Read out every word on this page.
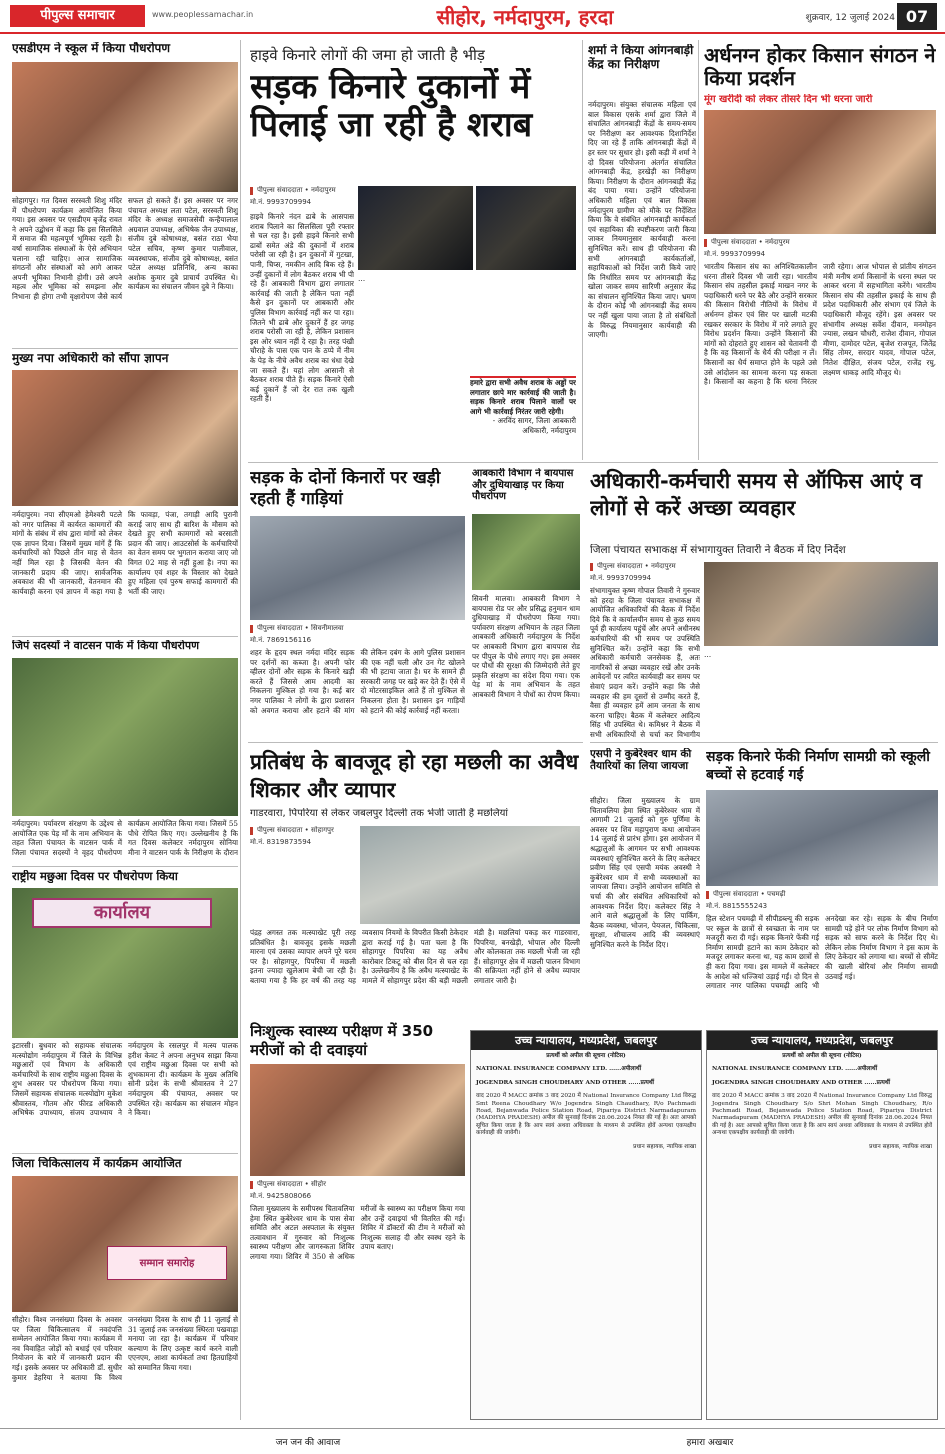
पीपुल्स समाचार	www.peoplessamachar.in	सीहोर, नर्मदापुरम, हरदा	शुक्रवार, 12 जुलाई 2024 07
एसडीएम ने स्कूल में किया पौधरोपण
सोहागपुर। गत दिवस सरस्वती शिशु मंदिर में पौधरोपण कार्यक्रम आयोजित किया गया। इस अवसर पर एसडीएम बृजेंद्र रावत ने अपने उद्बोधन में कहा कि इस सिलसिले में समाज की महत्वपूर्ण भूमिका रहती है। वर्षा सामाजिक संस्थाओं के ऐसे अभियान चलाना रही चाहिए। आज सामाजिक संगठनों और संस्थाओं को आगे आकर अपनी भूमिका निभानी होगी। उसे अपने महत्व और भूमिका को समझना और निभाना ही होगा तभी वृक्षारोपण जैसे कार्य सफल हो सकते हैं। इस अवसर पर नगर पंचायत अध्यक्ष लता पटेल, सरस्वती शिशु मंदिर के अध्यक्ष समाजसेवी कन्हैयालाल अग्रवाल उपाध्यक्ष, अभिषेक जैन उपाध्यक्ष, संजीव दुबे कोषाध्यक्ष, बसंत राठा भैया पटेल सचिव, कृष्ण कुमार पालीवाल, व्यवस्थापक, संजीव दुबे कोषाध्यक्ष, बसंत पटेल अध्यक्ष प्रतिनिधि, अन्य काका अशोक कुमार दुबे प्राचार्य उपस्थित थे। कार्यक्रम का संचालन जीवन दुबे ने किया।
मुख्य नपा अधिकारी को सौंपा ज्ञापन
नर्मदापुरम। नपा सीएमओ हेमेश्वरी पटले को नगर पालिका में कार्यरत कामगारों की मांगों के संबंध में संघ द्वारा मांगों को लेकर एक ज्ञापन दिया। जिसमें मुख्य मांगें हैं कि कर्मचारियों को पिछले तीन माह से वेतन नहीं मिल रहा है जिसकी वेतन की जानकारी प्रदाय की जाए। सार्वजनिक अवकाश की भी जानकारी, वेतनमान की कार्यवाही करना एवं ज्ञापन में कहा गया है कि फावड़ा, पंजा, तगाड़ी आदि पुरानी कराई जाए साथ ही बारिश के मौसम को देखते हुए सभी कामगारों को बरसाती प्रदान की जाए। आउटसोर्स के कर्मचारियों का वेतन समय पर भुगतान कराया जाए जो विगत 02 माह से नहीं हुआ है। नपा का कार्यालय एवं शहर के विस्तार को देखते हुए महिला एवं पुरुष सफाई कामगारों की भर्ती की जाए।
जिपं सदस्यों ने वाटसन पार्क में किया पौधरोपण
नर्मदापुरम। पर्यावरण संरक्षण के उद्देश्य से आयोजित एक पेड़ माँ के नाम अभियान के तहत जिला पंचायत के वाटसन पार्क में जिला पंचायत सदस्यों ने वृहद पौधरोपण कार्यक्रम आयोजित किया गया। जिसमें 55 पौधे रोपित किए गए। उल्लेखनीय है कि गत दिवस कलेक्टर नर्मदापुरम सोनिया मीना ने वाटसन पार्क के निरीक्षण के दौरान
राष्ट्रीय मछुआ दिवस पर पौधरोपण किया
कार्यालय
इटारसी। बुधवार को सहायक संचालक मत्स्योद्योग नर्मदापुरम में जिले के विभिन्न मछुआरों एवं विभाग के अधिकारी कर्मचारियों के साथ राष्ट्रीय मछुआ दिवस के शुभ अवसर पर पौधरोपण किया गया। जिसमें सहायक संचालक मत्स्योद्योग मुकेश श्रीवास्तव, गौतम और फीरड अधिकारी अभिषेक उपाध्याय, संजय उपाध्याय ने नर्मदापुरम के रसलपुर में मत्स्य पालक हरीश केवट ने अपना अनुभव साझा किया एवं राष्ट्रीय मछुआ दिवस पर सभी को शुभकामना दी। कार्यक्रम के मुख्य अतिथि सोनी प्रदेश के सभी श्रीवास्तव ने 27 नर्मदापुरम की पंचायत, अवसर पर उपस्थित रहे। कार्यक्रम का संचालन मोहन ने किया।
जिला चिकित्सालय में कार्यक्रम आयोजित
सम्मान समारोह
सीहोर। विश्व जनसंख्या दिवस के अवसर पर जिला चिकित्सालय में नवदंपत्ति सम्मेलन आयोजित किया गया। कार्यक्रम में नव विवाहित जोड़ों को बधाई एवं परिवार नियोजन के बारे में जानकारी प्रदान की गई। इसके अवसर पर अधिकारी डॉ. सुधीर कुमार डेहरिया ने बताया कि विश्व जनसंख्या दिवस के साथ ही 11 जुलाई से 31 जुलाई तक जनसंख्या स्थिरता पखवाड़ा मनाया जा रहा है। कार्यक्रम में परिवार कल्याण के लिए उत्कृष्ट कार्य करने वाली एएनएम, आशा कार्यकर्ता तथा हितग्राहियों को सम्मानित किया गया।
हाइवे किनारे लोगों की जमा हो जाती है भीड़
सड़क किनारे दुकानों में पिलाई जा रही है शराब
पीपुल्स संवाददाता • नर्मदापुरम
मो.नं. 9993709994
हाइवे किनारे नंदन ढाबे के आसपास शराब पिलाने का सिलसिला पूरी रफ्तार से चल रहा है। इसी हाइवे किनारे सभी ढाबों समेत अंडे की दुकानों में शराब परोसी जा रही है। इन दुकानों में गुटखा, पानी, चिप्स, नमकीन आदि बिक रहे हैं। उन्हीं दुकानों में लोग बैठकर शराब भी पी रहे हैं। आबकारी विभाग द्वारा लगातार कार्रवाई की जाती है लेकिन पता नहीं कैसे इन दुकानों पर आबकारी और पुलिस विभाग कार्रवाई नहीं कर पा रहा। जितने भी ढाबे और दुकानें हैं हर जगह शराब परोसी जा रही है, लेकिन प्रशासन इस ओर ध्यान नहीं दे रहा है। तरह पंखी चौराहे के पास एक पान के ठप्पे में नीम के पेड़ के नीचे अवैध शराब का धंधा देखे जा सकते हैं। यहां लोग आसानी से बैठकर शराब पीते हैं। सड़क किनारे ऐसी कई दुकानें हैं जो देर रात तक खुली रहती हैं।
…
हमारे द्वारा सभी अवैध शराब के अड्डों पर लगातार छापे मार कार्रवाई की जाती है। सड़क किनारे शराब पिलाने वालों पर आगे भी कार्रवाई निरंतर जारी रहेगी।
- अरविंद सागर, जिला आबकारी अधिकारी, नर्मदापुरम
शर्मा ने किया आंगनबाड़ी केंद्र का निरीक्षण
नर्मदापुरम। संयुक्त संचालक महिला एवं बाल विकास एसके शर्मा द्वारा जिले में संचालित आंगनबाड़ी केंद्रों के समय-समय पर निरीक्षण कर आवश्यक दिशानिर्देश दिए जा रहे हैं ताकि आंगनबाड़ी केंद्रों में हर स्तर पर सुधार हो। इसी कड़ी में शर्मा ने दो दिवस परियोजना अंतर्गत संचालित आंगनबाड़ी केंद्र, हरखेड़ी का निरीक्षण किया। निरीक्षण के दौरान आंगनबाड़ी केंद्र बंद पाया गया। उन्होंने परियोजना अधिकारी महिला एवं बाल विकास नर्मदापुरम ग्रामीण को मौके पर निर्देशित किया कि वे संबंधित आंगनबाड़ी कार्यकर्ता एवं सहायिका की स्पष्टीकरण जारी किया जाकर नियमानुसार कार्यवाही करना सुनिश्चित करें। साथ ही परियोजना की सभी आंगनबाड़ी कार्यकर्ताओं, सहायिकाओं को निर्देश जारी किये जाएं कि निर्धारित समय पर आंगनबाड़ी केंद्र खोला जाकर समय सारिणी अनुसार केंद्र का संचालन सुनिश्चित किया जाए। भ्रमण के दौरान कोई भी आंगनबाड़ी केंद्र समय पर नहीं खुला पाया जाता है तो संबंधितों के विरुद्ध नियमानुसार कार्यवाही की जाएगी।
अर्धनग्न होकर किसान संगठन ने किया प्रदर्शन
मूंग खरीदी को लेकर तीसरे दिन भी धरना जारी
पीपुल्स संवाददाता • नर्मदापुरम
मो.नं. 9993709994
भारतीय किसान संघ का अनिश्चितकालीन धरना तीसरे दिवस भी जारी रहा। भारतीय किसान संघ तहसील इकाई माखन नगर के पदाधिकारी धरने पर बैठे और उन्होंने सरकार की किसान विरोधी नीतियों के विरोध में अर्धनग्न होकर एवं सिर पर खाली मटकी रखकर सरकार के विरोध में नारे लगाते हुए विरोध प्रदर्शन किया। उन्होंने किसानों की मांगों को दोहराते हुए शासन को चेतावनी दी है कि वह किसानों के धैर्य की परीक्षा न लें। किसानों का धैर्य समाप्त होने के पहले उसे उसे आंदोलन का सामना करना पड़ सकता है। किसानों का कहना है कि धरना निरंतर जारी रहेगा। आज भोपाल से प्रांतीय संगठन मंत्री मनीष शर्मा किसानों के धरना स्थल पर आकर धरना में सहभागिता करेंगे। भारतीय किसान संघ की तहसील इकाई के साथ ही प्रदेश पदाधिकारी और संभाग एवं जिले के पदाधिकारी मौजूद रहेंगे। इस अवसर पर संभागीय अध्यक्ष सर्वेश दीवान, मनमोहन ज्यास, लखन चौधरी, राजेश दीवान, गोपाल मीणा, दामोदर पटेल, बृजेश राजपूत, जितेंद्र सिंह तोमर, सरदार यादव, गोपाल पटेल, नितेश दीक्षित, संजय पटेल, राजेंद्र रघु, लक्ष्मण धाकड़ आदि मौजूद थे।
सड़क के दोनों किनारों पर खड़ी रहती हैं गाड़ियां
पीपुल्स संवाददाता • सिवनीमालवा
मो.नं. 7869156116
शहर के हृदय स्थल नर्मदा मंदिर सड़क पर दर्शनों का कब्जा है। अपनी फोर व्हीलर दोनों और सड़क के किनारे खड़ी करते हैं जिससे आम आदमी का निकलना मुश्किल हो गया है। कई बार नगर पालिका ने लोगों के द्वारा प्रशासन को अवगत कराया और हटाने की मांग की लेकिन दबंग के आगे पुलिस प्रशासन की एक नहीं चली और उन गेट खोलने की भी हटाया जाता है। घर के सामने ही सरकारी जगह पर खड़े कर देते हैं। ऐसे में दो मोटरसाइकिल आते हैं तो मुश्किल से निकलना होता है। प्रशासन इन गाड़ियों को हटाने की कोई कार्रवाई नहीं करता।
आबकारी विभाग ने बायपास और दुधियाखाड़ पर किया पौधरोपण
सिवनी मालवा। आबकारी विभाग ने बायपास रोड पर और प्रसिद्ध हनुमान धाम दुधियाखाड़ में पौधरोपण किया गया। पर्यावरण संरक्षण अभियान के तहत जिला आबकारी अधिकारी नर्मदापुरम के निर्देश पर आबकारी विभाग द्वारा बायपास रोड पर पीपुल के पौधे लगाए गए। इस अवसर पर पौधों की सुरक्षा की जिम्मेदारी लेते हुए प्रकृति संरक्षण का संदेश दिया गया। एक पेड़ मां के नाम अभियान के तहत आबकारी विभाग ने पौधों का रोपण किया।
अधिकारी-कर्मचारी समय से ऑफिस आएं व लोगों से करें अच्छा व्यवहार
जिला पंचायत सभाकक्ष में संभागायुक्त तिवारी ने बैठक में दिए निर्देश
पीपुल्स संवाददाता • नर्मदापुरम
मो.नं. 9993709994
संभागायुक्त कृष्ण गोपाल तिवारी ने गुरुवार को हरदा के जिला पंचायत सभाकक्ष में आयोजित अधिकारियों की बैठक में निर्देश दिये कि वे कार्यालयीन समय से कुछ समय पूर्व ही कार्यालय पहुंचें और अपने अधीनस्थ कर्मचारियों की भी समय पर उपस्थिति सुनिश्चित करें। उन्होंने कहा कि सभी अधिकारी कर्मचारी जनसेवक हैं, अतः नागरिकों से अच्छा व्यवहार रखें और उनके आवेदनों पर त्वरित कार्यवाही कर समय पर सेवाएं प्रदान करें। उन्होंने कहा कि जैसे व्यवहार की हम दूसरों से उम्मीद करते हैं, वैसा ही व्यवहार हमें आम जनता के साथ करना चाहिए। बैठक में कलेक्टर आदित्य सिंह भी उपस्थित थे। कमिश्नर ने बैठक में सभी अधिकारियों से चर्चा कर विभागीय
…
प्रतिबंध के बावजूद हो रहा मछली का अवैध शिकार और व्यापार
गाडरवारा, पिपरिया से लेकर जबलपुर दिल्ली तक भेजी जाती है मछलियां
पीपुल्स संवाददाता • सोहागपुर
मो.नं. 8319873594
पंद्रह अगस्त तक मत्स्याखेट पूरी तरह प्रतिबंधित है। बावजूद इसके मछली मारना एवं उसका व्यापार अपने पूरे चरम पर है। सोहागपुर, पिपरिया में मछली इतना ज्यादा खुलेआम बेची जा रही है। बताया गया है कि हर वर्ष की तरह यह व्यवसाय नियमों के विपरीत किसी ठेकेदार द्वारा कराई गई है। पता चला है कि सोहागपुर पिपरिया का यह अवैध कारोबार टिकटू को बीस दिन से चल रहा है। उल्लेखनीय है कि अवैध मत्स्याखेट के मामले में सोहागपुर प्रदेश की बड़ी मछली मंडी है। मछलियां पकड़ कर गाडरवारा, पिपरिया, बनखेड़ी, भोपाल और दिल्ली और कोलकाता तक मछली भेजी जा रही हैं। सोहागपुर क्षेत्र में मछली पालन विभाग की सक्रियता नहीं होने से अवैध व्यापार लगातार जारी है।
एसपी ने कुबेरेश्वर धाम की तैयारियों का लिया जायजा
सीहोर। जिला मुख्यालय के ग्राम चितावलिया हेमा स्थित कुबेरेश्वर धाम में आगामी 21 जुलाई को गुरु पूर्णिमा के अवसर पर शिव महापुराण कथा आयोजन 14 जुलाई से प्रारंभ होगा। इस आयोजन में श्रद्धालुओं के आगमन पर सभी आवश्यक व्यवस्थाएं सुनिश्चित करने के लिए कलेक्टर प्रवीण सिंह एवं एसपी मयंक अवस्थी ने कुबेरेश्वर धाम में सभी व्यवस्थाओं का जायजा लिया। उन्होंने आयोजन समिति से चर्चा की और संबंधित अधिकारियों को आवश्यक निर्देश दिए। कलेक्टर सिंह ने आने वाले श्रद्धालुओं के लिए पार्किंग, बैठक व्यवस्था, भोजन, पेयजल, चिकित्सा, सुरक्षा, शौचालय आदि की व्यवस्थाएं सुनिश्चित करने के निर्देश दिए।
सड़क किनारे फेंकी निर्माण सामग्री को स्कूली बच्चों से हटवाई गई
पीपुल्स संवाददाता • पचमढ़ी
मो.नं. 8815555243
हिल स्टेशन पचमढ़ी में सीपीडब्ल्यू की सड़क पर स्कूल के छात्रों से स्वच्छता के नाम पर मजदूरी करा दी गई। सड़क किनारे फेंकी गई निर्माण सामग्री हटाने का काम ठेकेदार को मजदूर लगाकर करना था, यह काम छात्रों से ही करा दिया गया। इस मामले में कलेक्टर के आदेश को धज्जियां उड़ाई गईं। दो दिन से लगातार नगर पालिका पचमढ़ी आदि भी अनदेखा कर रहे। सड़क के बीच निर्माण सामग्री पड़े होने पर लोक निर्माण विभाग को सड़क को साफ करने के निर्देश दिए थे। लेकिन लोक निर्माण विभाग ने इस काम के लिए ठेकेदार को लगाया था। बच्चों से सीमेंट की खाली बोरियां और निर्माण सामग्री उठवाई गई।
निःशुल्क स्वास्थ्य परीक्षण में 350 मरीजों को दी दवाइयां
पीपुल्स संवाददाता • सीहोर
मो.नं. 9425808066
जिला मुख्यालय के समीपस्थ चितावलिया हेमा स्थित कुबेरेश्वर धाम के पास सेवा समिति और अटल अस्पताल के संयुक्त तत्वावधान में गुरुवार को निःशुल्क स्वास्थ्य परीक्षण और जागरुकता शिविर लगाया गया। शिविर में 350 से अधिक मरीजों के स्वास्थ्य का परीक्षण किया गया और उन्हें दवाइयां भी वितरित की गईं। शिविर में डॉक्टरों की टीम ने मरीजों को निःशुल्क सलाह दी और स्वस्थ रहने के उपाय बताए।
उच्च न्यायालय, मध्यप्रदेश, जबलपुर
प्रत्यर्थी को अपील की सूचना (नोटिस)
NATIONAL INSURANCE COMPANY LTD. ......अपीलार्थी
JOGENDRA SINGH CHOUDHARY AND OTHER ......प्रत्यर्थी
वाद 2020 में MACC क्रमांक 3 वाद 2020 में National Insurance Company Ltd विरुद्ध Smt Reena Choudhary W/o Jogendra Singh Chaudhary, R/o Pachmadi Road, Bejanwada Police Station Road, Pipariya District Narmadapuram (MADHYA PRADESH) अपील की सुनवाई दिनांक 28.06.2024 नियत की गई है। अतः आपको सूचित किया जाता है कि आप स्वयं अथवा अधिवक्ता के माध्यम से उपस्थित होवें अन्यथा एकपक्षीय कार्यवाही की जावेगी।
प्रधान सहायक, न्यायिक शाखा
उच्च न्यायालय, मध्यप्रदेश, जबलपुर
प्रत्यर्थी को अपील की सूचना (नोटिस)
NATIONAL INSURANCE COMPANY LTD. ......अपीलार्थी
JOGENDRA SINGH CHOUDHARY AND OTHER ......प्रत्यर्थी
वाद 2020 में MACC क्रमांक 3 वाद 2020 में National Insurance Company Ltd विरुद्ध Jogendra Singh Choudhary S/o Shri Mohan Singh Choudhary, R/o Pachmadi Road, Bejanwada Police Station Road, Pipariya District Narmadapuram (MADHYA PRADESH) अपील की सुनवाई दिनांक 28.06.2024 नियत की गई है। अतः आपको सूचित किया जाता है कि आप स्वयं अथवा अधिवक्ता के माध्यम से उपस्थित होवें अन्यथा एकपक्षीय कार्यवाही की जावेगी।
प्रधान सहायक, न्यायिक शाखा
जन जन की आवाज	हमारा अखबार
